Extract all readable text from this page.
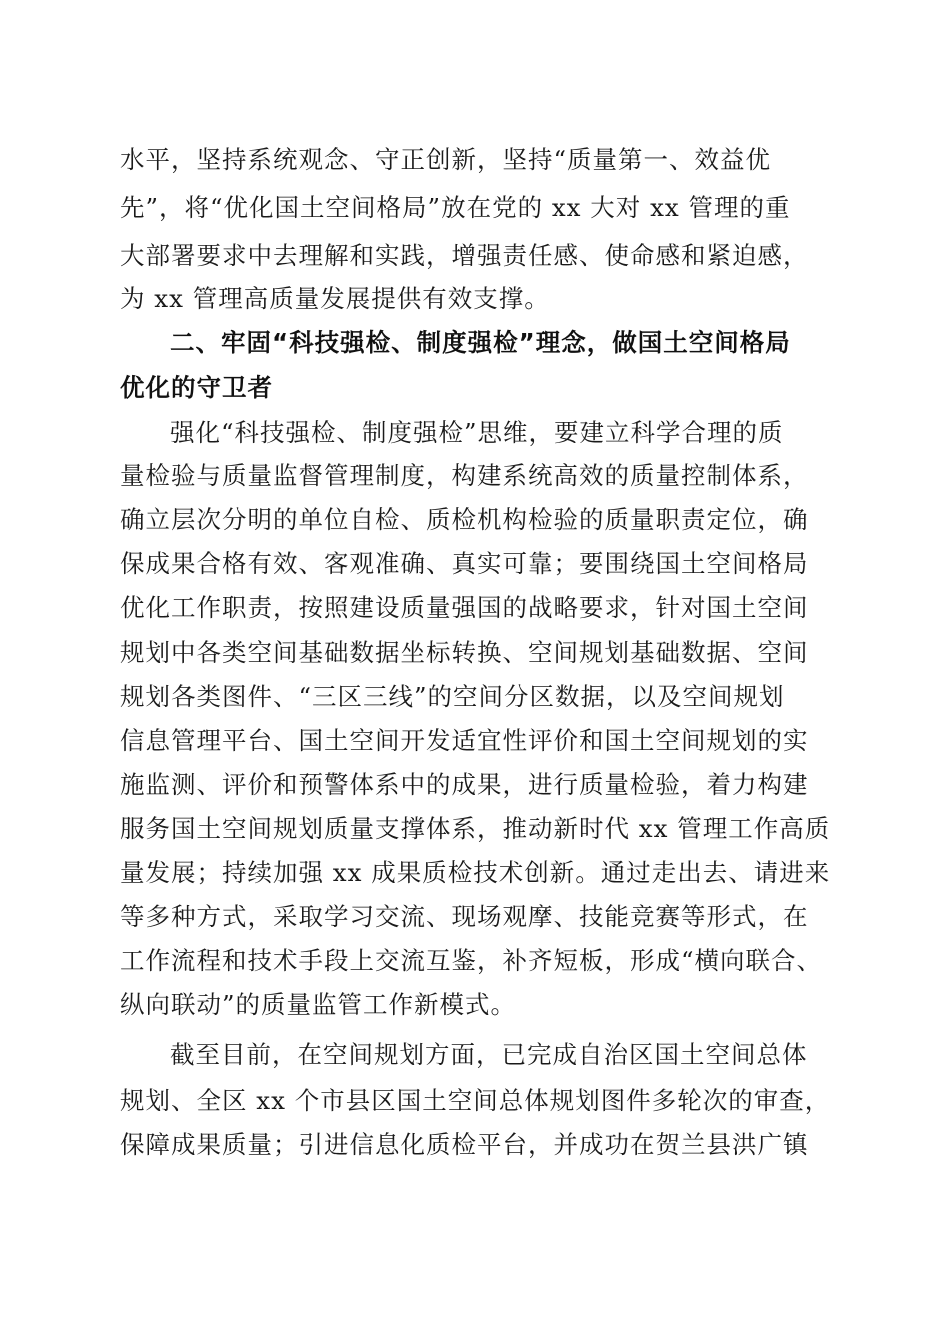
水平，坚持系统观念、守正创新，坚持“质量第一、效益优
先”，将“优化国土空间格局”放在党的 xx 大对 xx 管理的重
大部署要求中去理解和实践，增强责任感、使命感和紧迫感，
为 xx 管理高质量发展提供有效支撑。
二、牢固“科技强检、制度强检”理念，做国土空间格局
优化的守卫者
强化“科技强检、制度强检”思维，要建立科学合理的质
量检验与质量监督管理制度，构建系统高效的质量控制体系，
确立层次分明的单位自检、质检机构检验的质量职责定位，确
保成果合格有效、客观准确、真实可靠；要围绕国土空间格局
优化工作职责，按照建设质量强国的战略要求，针对国土空间
规划中各类空间基础数据坐标转换、空间规划基础数据、空间
规划各类图件、“三区三线”的空间分区数据，以及空间规划
信息管理平台、国土空间开发适宜性评价和国土空间规划的实
施监测、评价和预警体系中的成果，进行质量检验，着力构建
服务国土空间规划质量支撑体系，推动新时代 xx 管理工作高质
量发展；持续加强 xx 成果质检技术创新。通过走出去、请进来
等多种方式，采取学习交流、现场观摩、技能竞赛等形式，在
工作流程和技术手段上交流互鉴，补齐短板，形成“横向联合、
纵向联动”的质量监管工作新模式。
截至目前，在空间规划方面，已完成自治区国土空间总体
规划、全区 xx 个市县区国土空间总体规划图件多轮次的审查，
保障成果质量；引进信息化质检平台，并成功在贺兰县洪广镇
